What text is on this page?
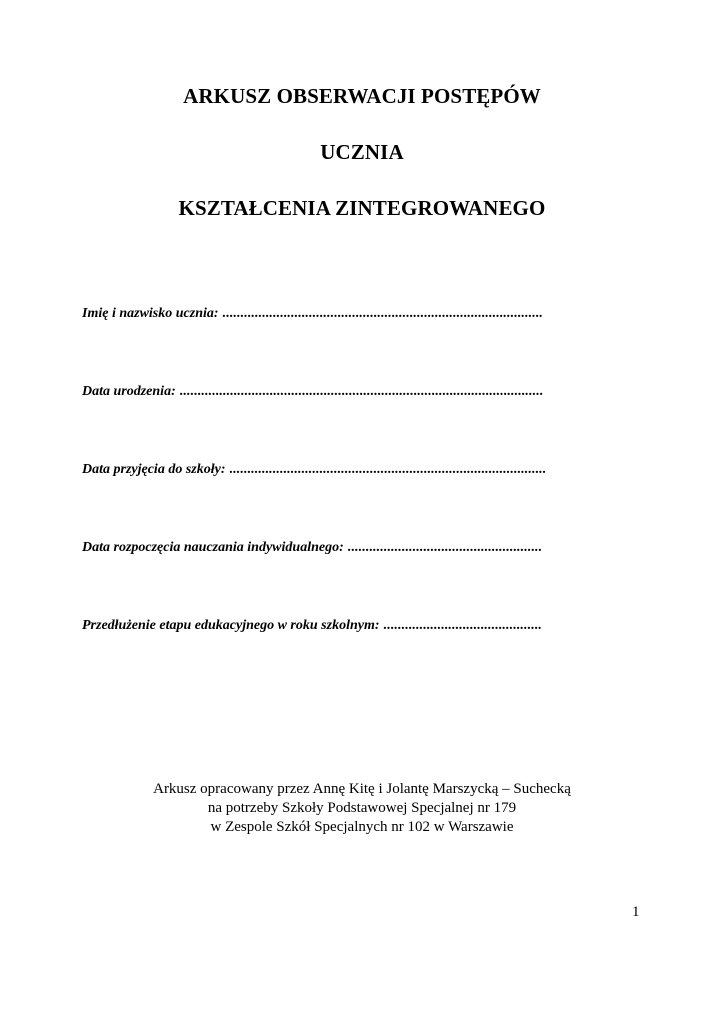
ARKUSZ OBSERWACJI POSTĘPÓW
UCZNIA
KSZTAŁCENIA ZINTEGROWANEGO
Imię i nazwisko ucznia: .........................................................................................
Data urodzenia: .....................................................................................................
Data przyjęcia do szkoły: ........................................................................................
Data rozpoczęcia nauczania indywidualnego: ......................................................
Przedłużenie etapu edukacyjnego w roku szkolnym: ............................................
Arkusz opracowany przez Annę Kitę i Jolantę Marszycką – Suchecką
na potrzeby Szkoły Podstawowej Specjalnej nr 179
w Zespole Szkół Specjalnych nr 102 w Warszawie
1
